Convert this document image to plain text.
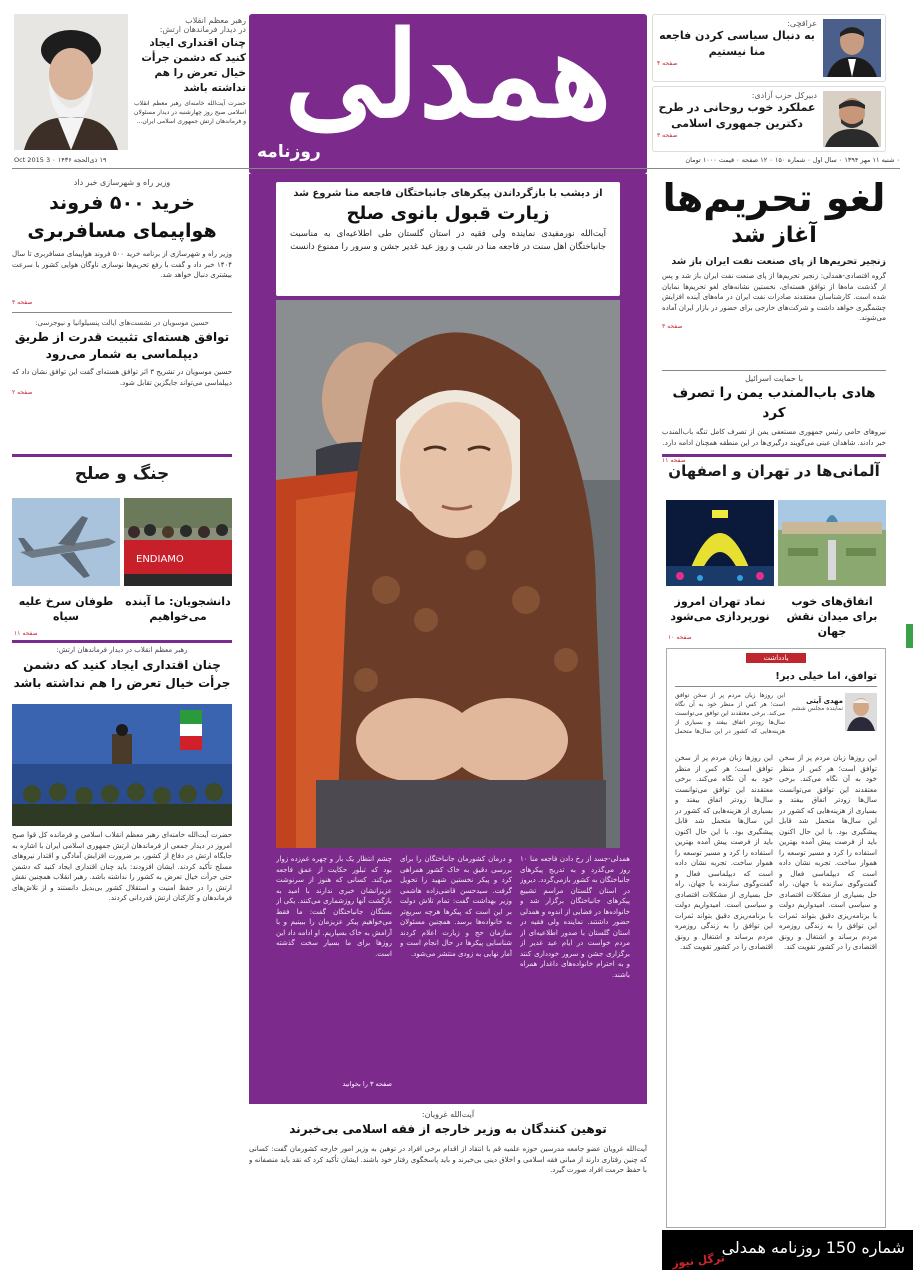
همدلی
روزنامه	۰ شنبه ۱۱ مهر ۱۳۹۴ ۰ سال اول ۰ شماره ۱۵۰ ۰ ۱۲ صفحه ۰ قیمت ۱۰۰۰ تومان
۱۹ ذی‌الحجه ۱۴۳۶ ۰ 3 Oct 2015
رهبر معظم انقلاب
در دیدار فرماندهان ارتش:
چنان اقتداری ایجاد کنید که دشمن جرأت خیال تعرض را هم نداشته باشد
حضرت آیت‌الله خامنه‌ای رهبر معظم انقلاب اسلامی صبح روز چهارشنبه در دیدار مسئولان و فرماندهان ارتش جمهوری اسلامی ایران...
عراقچی:
به دنبال سیاسی کردن فاجعه منا نیستیم
صفحه ۴
دبیرکل حزب آزادی:
عملکرد خوب روحانی در طرح دکترین جمهوری اسلامی
صفحه ۳
وزیر راه و شهرسازی خبر داد
خرید ۵۰۰ فروند هواپیمای مسافربری
وزیر راه و شهرسازی از برنامه خرید ۵۰۰ فروند هواپیمای مسافربری تا سال ۱۴۰۴ خبر داد و گفت با رفع تحریم‌ها نوسازی ناوگان هوایی کشور با سرعت بیشتری دنبال خواهد شد.
صفحه ۳
حسین موسویان در نشست‌های ایالت پنسیلوانیا و نیوجرسی:
توافق هسته‌ای تثبیت قدرت از طریق دیپلماسی به شمار می‌رود
حسین موسویان در تشریح ۳ اثر توافق هسته‌ای گفت این توافق نشان داد که دیپلماسی می‌تواند جایگزین تقابل شود.
صفحه ۲
جنگ و صلح
ENDIAMO
دانشجویان: ما آینده می‌خواهیم
طوفان سرخ علیه سیاه
صفحه ۱۱
رهبر معظم انقلاب در دیدار فرماندهان ارتش:
چنان اقتداری ایجاد کنید که دشمن جرأت خیال تعرض را هم نداشته باشد
حضرت آیت‌الله خامنه‌ای رهبر معظم انقلاب اسلامی و فرمانده کل قوا صبح امروز در دیدار جمعی از فرماندهان ارتش جمهوری اسلامی ایران با اشاره به جایگاه ارتش در دفاع از کشور، بر ضرورت افزایش آمادگی و اقتدار نیروهای مسلح تأکید کردند. ایشان افزودند: باید چنان اقتداری ایجاد کنید که دشمن حتی جرأت خیال تعرض به کشور را نداشته باشد. رهبر انقلاب همچنین نقش ارتش را در حفظ امنیت و استقلال کشور بی‌بدیل دانستند و از تلاش‌های فرماندهان و کارکنان ارتش قدردانی کردند.
از دیشب با بازگرداندن پیکرهای جانباختگان فاجعه منا شروع شد
زیارت قبول بانوی صلح
آیت‌الله نورمفیدی نماینده ولی فقیه در استان گلستان طی اطلاعیه‌ای به مناسبت جانباختگان اهل سنت در فاجعه منا در شب و روز عید غدیر جشن و سرور را ممنوع دانست
همدلی-جسد از رخ دادن فاجعه منا ۱۰ روز می‌گذرد و به تدریج پیکرهای جانباختگان به کشور بازمی‌گردد. دیروز در استان گلستان مراسم تشییع پیکرهای جانباختگان برگزار شد و خانواده‌ها در فضایی از اندوه و همدلی حضور داشتند. نماینده ولی فقیه در استان گلستان با صدور اطلاعیه‌ای از مردم خواست در ایام عید غدیر از برگزاری جشن و سرور خودداری کنند و به احترام خانواده‌های داغدار همراه باشند.
و درمان کشورمان جانباختگان را برای بررسی دقیق به خاک کشور همراهی کرد و پیکر نخستین شهید را تحویل گرفت. سیدحسن قاضی‌زاده هاشمی وزیر بهداشت گفت: تمام تلاش دولت بر این است که پیکرها هرچه سریع‌تر به خانواده‌ها برسد. همچنین مسئولان سازمان حج و زیارت اعلام کردند شناسایی پیکرها در حال انجام است و آمار نهایی به زودی منتشر می‌شود.
چشم انتظار یک بار و چهره غم‌زده زوار بود که تبلور حکایت از عمق فاجعه می‌کند. کسانی که هنوز از سرنوشت عزیزانشان خبری ندارند با امید به بازگشت آنها روزشماری می‌کنند. یکی از بستگان جانباختگان گفت: ما فقط می‌خواهیم پیکر عزیزمان را ببینیم و با آرامش به خاک بسپاریم. او ادامه داد این روزها برای ما بسیار سخت گذشته است.
صفحه ۳ را بخوانید
آیت‌الله غرویان:
توهین کنندگان به وزیر خارجه از فقه اسلامی بی‌خبرند
آیت‌الله غرویان عضو جامعه مدرسین حوزه علمیه قم با انتقاد از اقدام برخی افراد در توهین به وزیر امور خارجه کشورمان گفت: کسانی که چنین رفتاری دارند از مبانی فقه اسلامی و اخلاق دینی بی‌خبرند و باید پاسخگوی رفتار خود باشند. ایشان تأکید کرد که نقد باید منصفانه و با حفظ حرمت افراد صورت گیرد.
لغو تحریم‌ها
آغاز شد
زنجیر تحریم‌ها از پای صنعت نفت ایران باز شد
گروه اقتصادی-همدلی: زنجیر تحریم‌ها از پای صنعت نفت ایران باز شد و پس از گذشت ماه‌ها از توافق هسته‌ای، نخستین نشانه‌های لغو تحریم‌ها نمایان شده است. کارشناسان معتقدند صادرات نفت ایران در ماه‌های آینده افزایش چشمگیری خواهد داشت و شرکت‌های خارجی برای حضور در بازار ایران آماده می‌شوند.
صفحه ۳
با حمایت اسرائیل
هادی باب‌المندب یمن را تصرف کرد
نیروهای حامی رئیس جمهوری مستعفی یمن از تصرف کامل تنگه باب‌المندب خبر دادند. شاهدان عینی می‌گویند درگیری‌ها در این منطقه همچنان ادامه دارد.
صفحه ۱۱
آلمانی‌ها در تهران و اصفهان
اتفاق‌های خوب برای میدان نقش جهان
نماد تهران امروز نورپردازی می‌شود
صفحه ۱۰
یادداشت
توافق، اما خیلی دیر!
این روزها زبان مردم پر از سخن توافق است؛ هر کس از منظر خود به آن نگاه می‌کند. برخی معتقدند این توافق می‌توانست سال‌ها زودتر اتفاق بیفتد و بسیاری از هزینه‌هایی که کشور در این سال‌ها متحمل
مهدی آیتی
نماینده مجلس ششم
این روزها زبان مردم پر از سخن توافق است؛ هر کس از منظر خود به آن نگاه می‌کند. برخی معتقدند این توافق می‌توانست سال‌ها زودتر اتفاق بیفتد و بسیاری از هزینه‌هایی که کشور در این سال‌ها متحمل شد قابل پیشگیری بود. با این حال اکنون باید از فرصت پیش آمده بهترین استفاده را کرد و مسیر توسعه را هموار ساخت. تجربه نشان داده است که دیپلماسی فعال و گفت‌وگوی سازنده با جهان، راه حل بسیاری از مشکلات اقتصادی و سیاسی است. امیدواریم دولت با برنامه‌ریزی دقیق بتواند ثمرات این توافق را به زندگی روزمره مردم برساند و اشتغال و رونق اقتصادی را در کشور تقویت کند.
این روزها زبان مردم پر از سخن توافق است؛ هر کس از منظر خود به آن نگاه می‌کند. برخی معتقدند این توافق می‌توانست سال‌ها زودتر اتفاق بیفتد و بسیاری از هزینه‌هایی که کشور در این سال‌ها متحمل شد قابل پیشگیری بود. با این حال اکنون باید از فرصت پیش آمده بهترین استفاده را کرد و مسیر توسعه را هموار ساخت. تجربه نشان داده است که دیپلماسی فعال و گفت‌وگوی سازنده با جهان، راه حل بسیاری از مشکلات اقتصادی و سیاسی است. امیدواریم دولت با برنامه‌ریزی دقیق بتواند ثمرات این توافق را به زندگی روزمره مردم برساند و اشتغال و رونق اقتصادی را در کشور تقویت کند.
شماره 150 روزنامه همدلی
ترگل نیوز
